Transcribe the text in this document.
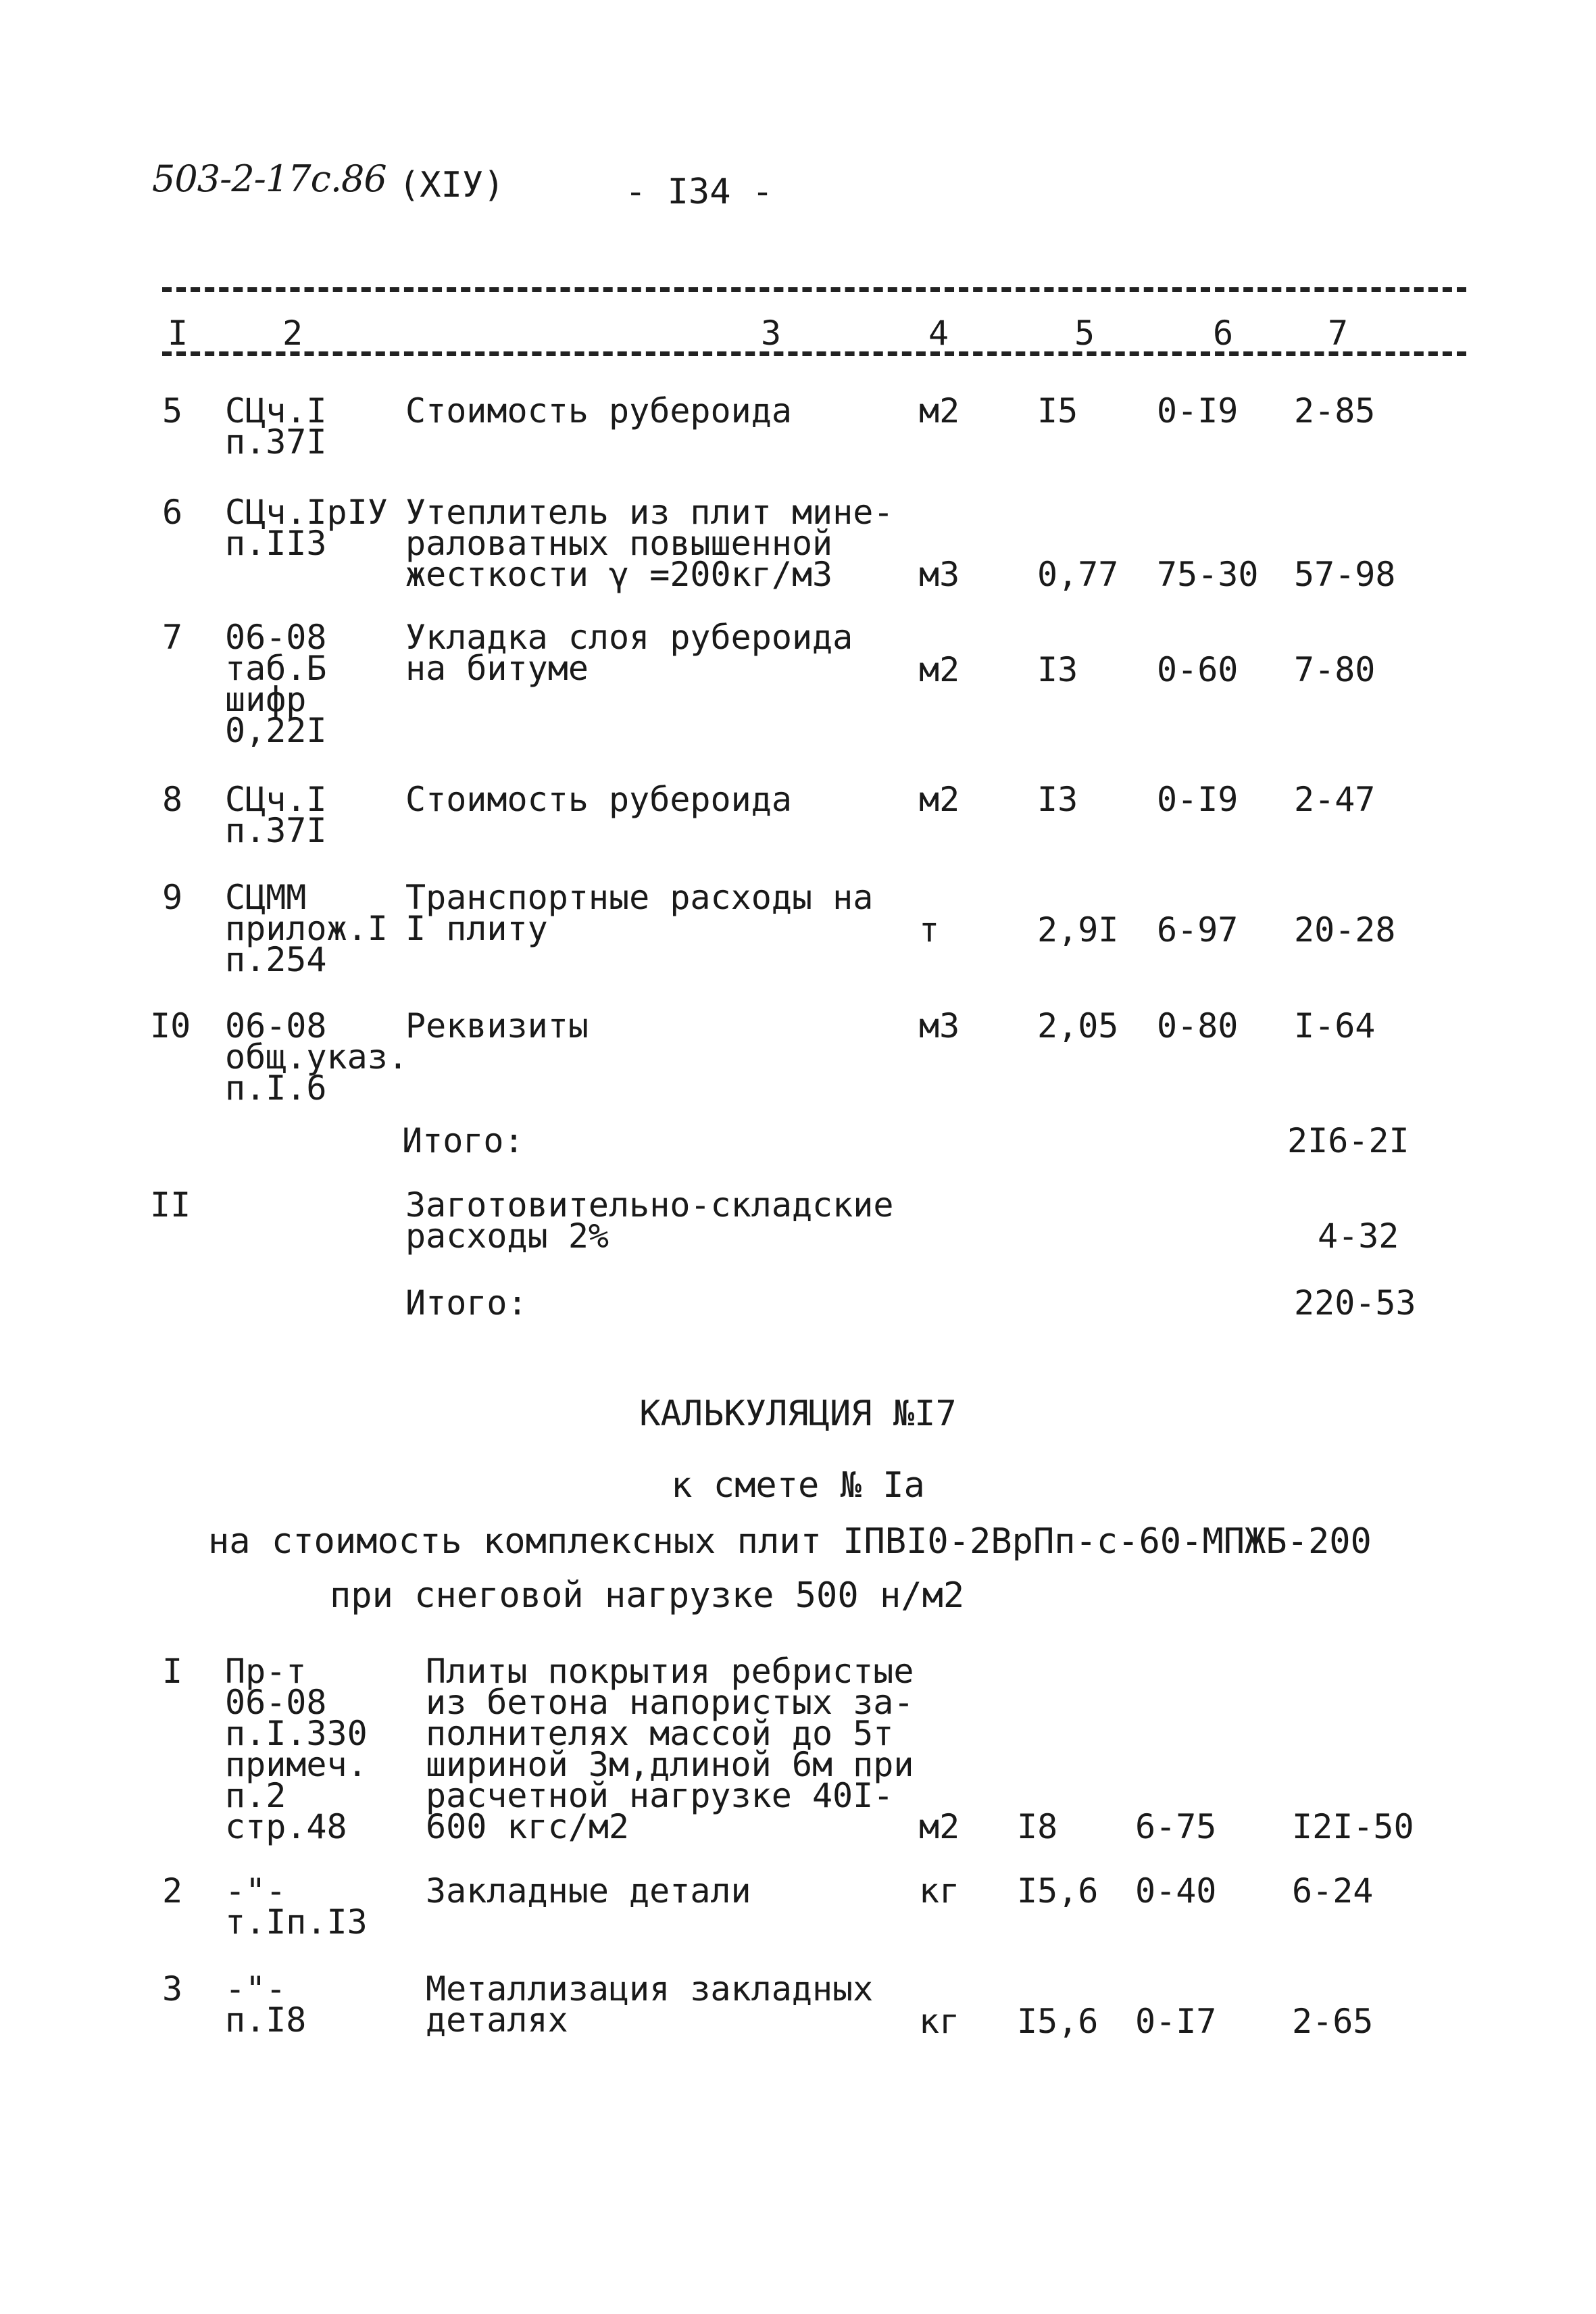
503-2-17с.86 (XIУ)	- I34 -
I	2	3	4	5	6	7
5 СЦч.I
п.37I
Стоимость рубероида	м2 I5 0-I9 2-85
6 СЦч.IрIУ
п.II3
Утеплитель из плит мине-
раловатных повышенной
жесткости γ =200кг/м3	м3 0,77 75-30 57-98
7 06-08
таб.Б
шифр
0,22I
Укладка слоя рубероида
на битуме	м2 I3 0-60 7-80
8 СЦч.I
п.37I
Стоимость рубероида	м2 I3 0-I9 2-47
9 СЦММ
прилож.I
п.254
Транспортные расходы на
I плиту	т	2,9I 6-97 20-28
I0 06-08
общ.указ.
п.I.6
Реквизиты	м3 2,05 0-80 I-64
Итого:	2I6-2I
II	Заготовительно-складские
расходы 2%	4-32
Итого:	220-53
КАЛЬКУЛЯЦИЯ №I7
к смете № Iа
на стоимость комплексных плит IПВI0-2ВрПп-с-60-МПЖБ-200
при снеговой нагрузке 500 н/м2
I Пр-т
06-08
п.I.330
примеч.
п.2
стр.48
Плиты покрытия ребристые
из бетона напористых за-
полнителях массой до 5т
шириной 3м,длиной 6м при
расчетной нагрузке 40I-
600 кгс/м2	м2 I8 6-75 I2I-50
2 -"-
т.Iп.I3
Закладные детали	кг I5,6 0-40 6-24
3 -"-
п.I8
Металлизация закладных
деталях	кг I5,6 0-I7 2-65
